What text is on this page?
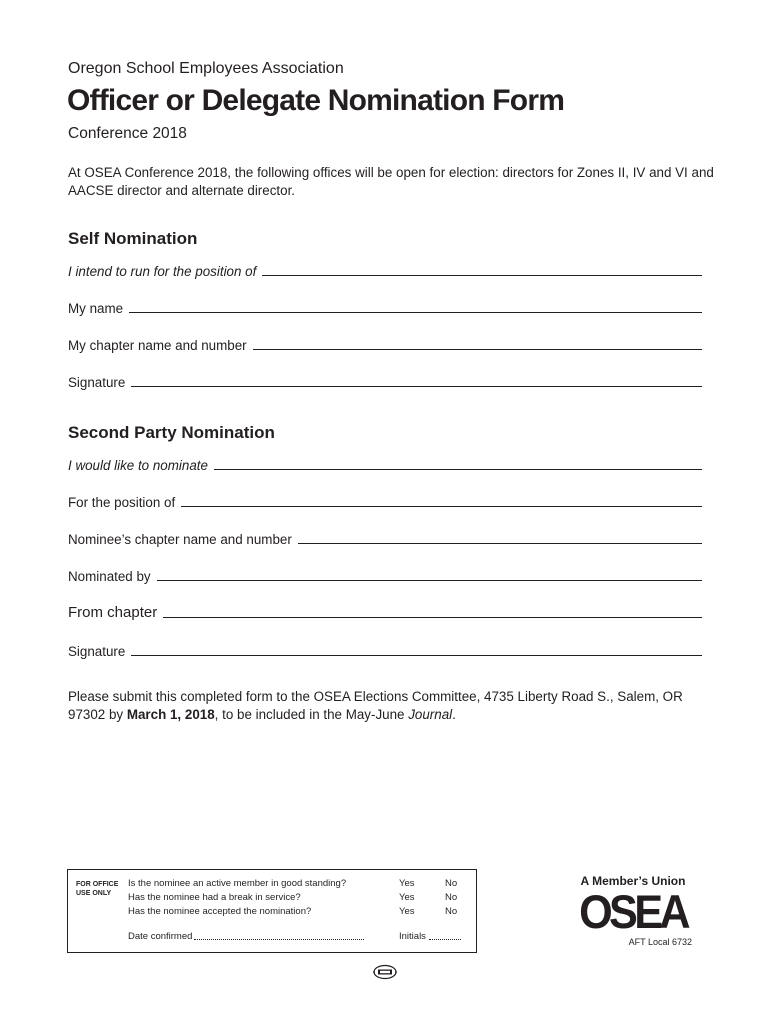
Oregon School Employees Association
Officer or Delegate Nomination Form
Conference 2018
At OSEA Conference 2018, the following offices will be open for election: directors for Zones II, IV and VI and AACSE director and alternate director.
Self Nomination
I intend to run for the position of
My name
My chapter name and number
Signature
Second Party Nomination
I would like to nominate
For the position of
Nominee’s chapter name and number
Nominated by
From chapter
Signature
Please submit this completed form to the OSEA Elections Committee, 4735 Liberty Road S., Salem, OR 97302 by March 1, 2018, to be included in the May-June Journal.
FOR OFFICE
USE ONLY
Is the nominee an active member in good standing?	Yes	No
Has the nominee had a break in service?	Yes	No
Has the nominee accepted the nomination?	Yes	No
Date confirmed	Initials
A Member’s Union
OSEA
AFT Local 6732
